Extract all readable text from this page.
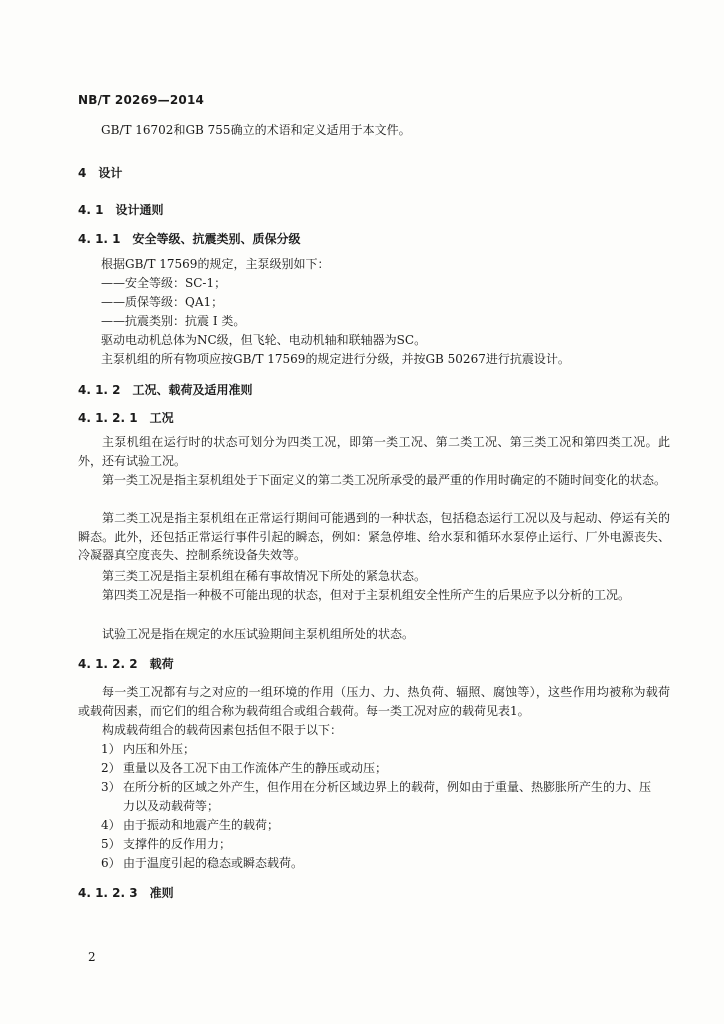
NB/T 20269—2014
GB/T 16702和GB 755确立的术语和定义适用于本文件。
4 设计
4. 1 设计通则
4. 1. 1 安全等级、抗震类别、质保分级
根据GB/T 17569的规定，主泵级别如下：
——安全等级：SC-1；
——质保等级：QA1；
——抗震类别：抗震 I 类。
驱动电动机总体为NC级，但飞轮、电动机轴和联轴器为SC。
主泵机组的所有物项应按GB/T 17569的规定进行分级，并按GB 50267进行抗震设计。
4. 1. 2 工况、载荷及适用准则
4. 1. 2. 1 工况
主泵机组在运行时的状态可划分为四类工况，即第一类工况、第二类工况、第三类工况和第四类工况。此外，还有试验工况。
第一类工况是指主泵机组处于下面定义的第二类工况所承受的最严重的作用时确定的不随时间变化的状态。
第二类工况是指主泵机组在正常运行期间可能遇到的一种状态，包括稳态运行工况以及与起动、停运有关的瞬态。此外，还包括正常运行事件引起的瞬态，例如：紧急停堆、给水泵和循环水泵停止运行、厂外电源丧失、冷凝器真空度丧失、控制系统设备失效等。
第三类工况是指主泵机组在稀有事故情况下所处的紧急状态。
第四类工况是指一种极不可能出现的状态，但对于主泵机组安全性所产生的后果应予以分析的工况。
试验工况是指在规定的水压试验期间主泵机组所处的状态。
4. 1. 2. 2 载荷
每一类工况都有与之对应的一组环境的作用（压力、力、热负荷、辐照、腐蚀等），这些作用均被称为载荷或载荷因素，而它们的组合称为载荷组合或组合载荷。每一类工况对应的载荷见表1。
构成载荷组合的载荷因素包括但不限于以下：
1） 内压和外压；
2） 重量以及各工况下由工作流体产生的静压或动压；
3） 在所分析的区域之外产生，但作用在分析区域边界上的载荷，例如由于重量、热膨胀所产生的力、压力以及动载荷等；
4） 由于振动和地震产生的载荷；
5） 支撑件的反作用力；
6） 由于温度引起的稳态或瞬态载荷。
4. 1. 2. 3 准则
2
